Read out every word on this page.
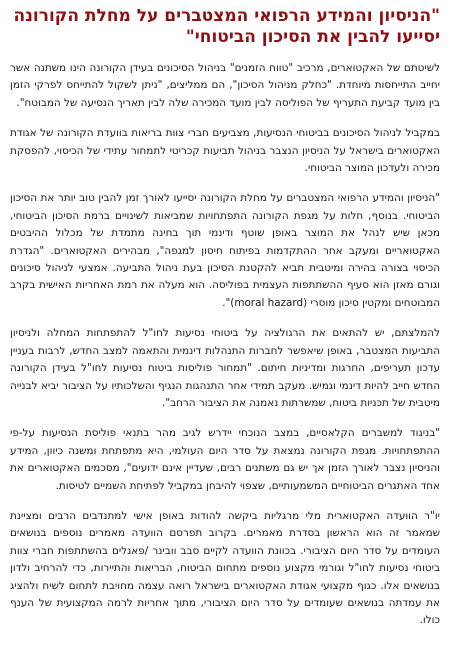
"הניסיון והמידע הרפואי המצטברים על מחלת הקורונה יסייעו להבין את הסיכון הביטוחי"

לשיטתם של האקטוארים, מרכיב "טווח הזמנים" בניהול הסיכונים בעידן הקורונה הינו משתנה אשר יחייב התייחסות מיוחדת. "כחלק מניהול הסיכון", הם ממליצים, "ניתן לשקול להתייחס לפרקי הזמן בין מועד קביעת התעריף של הפוליסה לבין מועד המכירה שלה לבין תאריך הנסיעה של המבוטח".

במקביל לניהול הסיכונים בביטוחי הנסיעות, מצביעים חברי צוות בריאות בוועדת הקורונה של אגודת האקטוארים בישראל על הניסיון הנצבר בניהול תביעות קכריטי לתמחור עתידי של הכיסוי, להפסקת מכירה ולעדכון המוצר הביטוחי.

"הניסיון והמידע הרפואי המצטברים על מחלת הקורונה יסייעו לאורך זמן להבין טוב יותר את הסיכון הביטוחי. בנוסף, חלות על מגפת הקורונה התפתחויות שמביאות לשינויים ברמת הסיכון הביטוחי, מכאן שיש לנהל את המוצר באופן שוטף ודינמי תוך בחינה מתמדת של מכלול ההיבטים האקטואריים ומעקב אחר ההתקדמות בפיתוח חיסון למגפה", מבהירים האקטוארים. "הגדרת הכיסוי בצורה בהירה ומיטבית תביא להקטנת הסיכון בעת ניהול התביעה. אמצעי לניהול סיכונים וגורם מאזן הוא סעיף ההשתתפות העצמית בפוליסה. הוא מעלה את רמת האחריות האישית בקרב המבוטחים ומקטין סיכון מוסרי (moral hazard)".

להמלצתם, יש להתאים את הרגולציה על ביטוחי נסיעות לחו"ל להתפתחות המחלה ולניסיון התביעות המצטבר, באופן שיאפשר לחברות התנהלות דינמית והתאמה למצב החדש, לרבות בעניין עדכון תעריפים, החרגות ומדיניות חיתום. "תמחור פוליסות ביטוח נסיעות לחו"ל בעידן הקורונה החדש חייב להיות דינמי וגמיש. מעקב תמידי אחר התנהגות הנגיף והשלכותיו על הציבור יביא לבנייה מיטבית של תכניות ביטוח, שמשרתות נאמנה את הציבור הרחב".

"בניגוד למשברים הקלאסיים, במצב הנוכחי יידרש לגיב מהר בתנאי פוליסת הנסיעות על-פי ההתפתחויות. מגפת הקורונה נמצאת על סדר היום העולמי, היא מתפתחת ומשנה כיוון, המידע והניסיון נצבר לאורך הזמן אך יש גם משתנים רבים, שעדיין אינם ידועים", מסכמים האקטוארים את אחד האתגרים הביטוחיים המשמעותיים, שצפוי להיבחן במקביל לפתיחת השמיים לטיסות.

יו"ר הוועדה האקטוארית מלי מרגליות ביקשה להודות באופן אישי למתנדבים הרבים ומציינת שמאמר זה הוא הראשון בסדרת מאמרים. בקרוב תפרסם הוועדה מאמרים נוספים בנושאים העומדים על סדר היום הציבורי. בכוונת הוועדה לקיים סבב וובינר /פאנלים בהשתתפות חברי צוות ביטוחי נסיעות לחו"ל וגורמי מקצוע נוספים מתחום הביטוח, הבריאות והתיירות, כדי להרחיב ולדון בנושאים אלו. כגוף מקצועי אגודת האקטוארים בישראל רואה עצמה מחויבת לתחום לשיח ולהציג את עמדתה בנושאים שעומדים על סדר היום הציבורי, מתוך אחריות לרמה המקצועית של הענף כולו.
